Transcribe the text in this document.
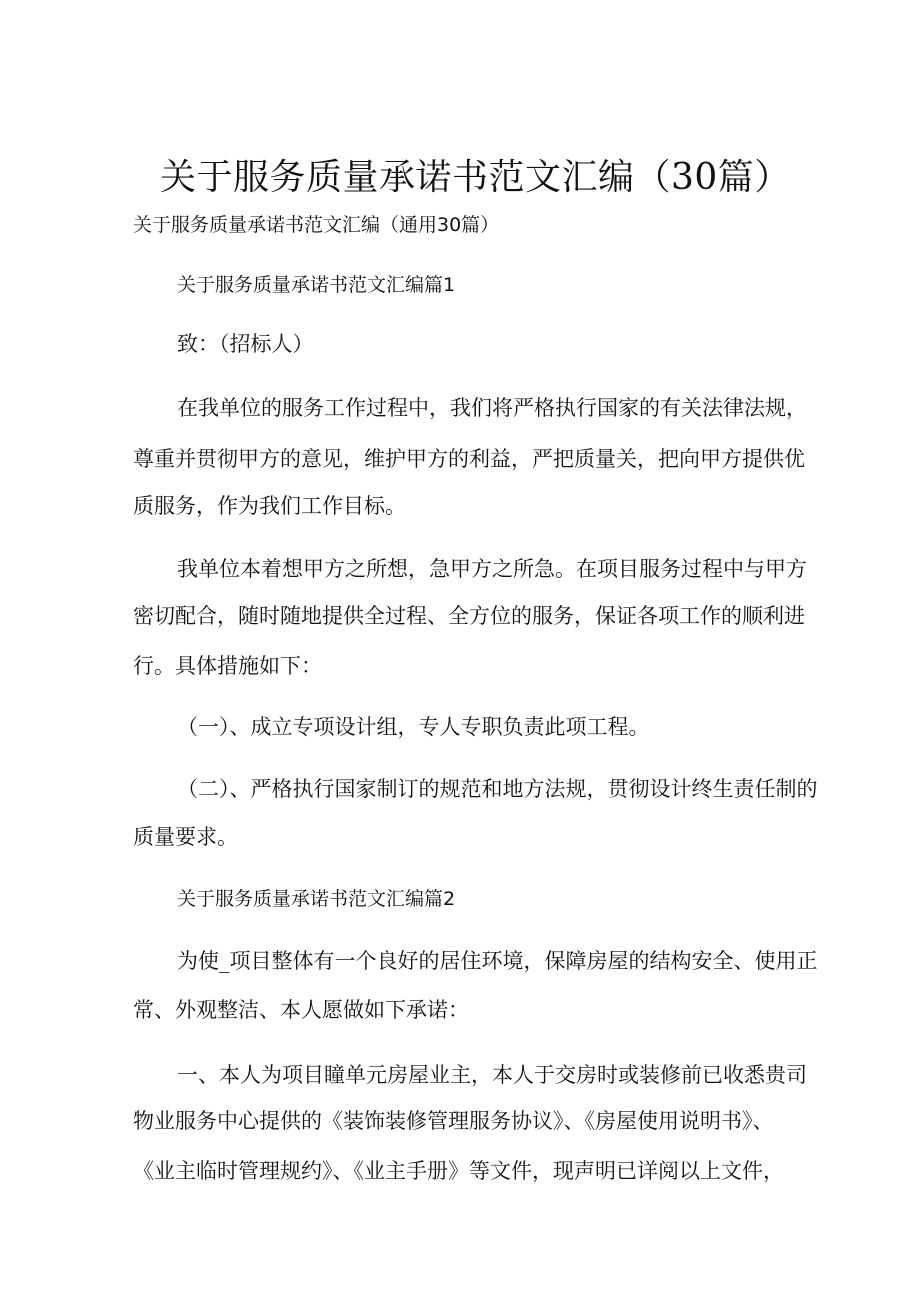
关于服务质量承诺书范文汇编（30篇）
关于服务质量承诺书范文汇编（通用30篇）
关于服务质量承诺书范文汇编篇1
致：（招标人）
在我单位的服务工作过程中，我们将严格执行国家的有关法律法规，
尊重并贯彻甲方的意见，维护甲方的利益，严把质量关，把向甲方提供优
质服务，作为我们工作目标。
我单位本着想甲方之所想，急甲方之所急。在项目服务过程中与甲方
密切配合，随时随地提供全过程、全方位的服务，保证各项工作的顺利进
行。具体措施如下：
（一）、成立专项设计组，专人专职负责此项工程。
（二）、严格执行国家制订的规范和地方法规，贯彻设计终生责任制的
质量要求。
关于服务质量承诺书范文汇编篇2
为使_项目整体有一个良好的居住环境，保障房屋的结构安全、使用正
常、外观整洁、本人愿做如下承诺：
一、本人为项目瞳单元房屋业主，本人于交房时或装修前已收悉贵司
物业服务中心提供的《装饰装修管理服务协议》、《房屋使用说明书》、
《业主临时管理规约》、《业主手册》等文件，现声明已详阅以上文件，
